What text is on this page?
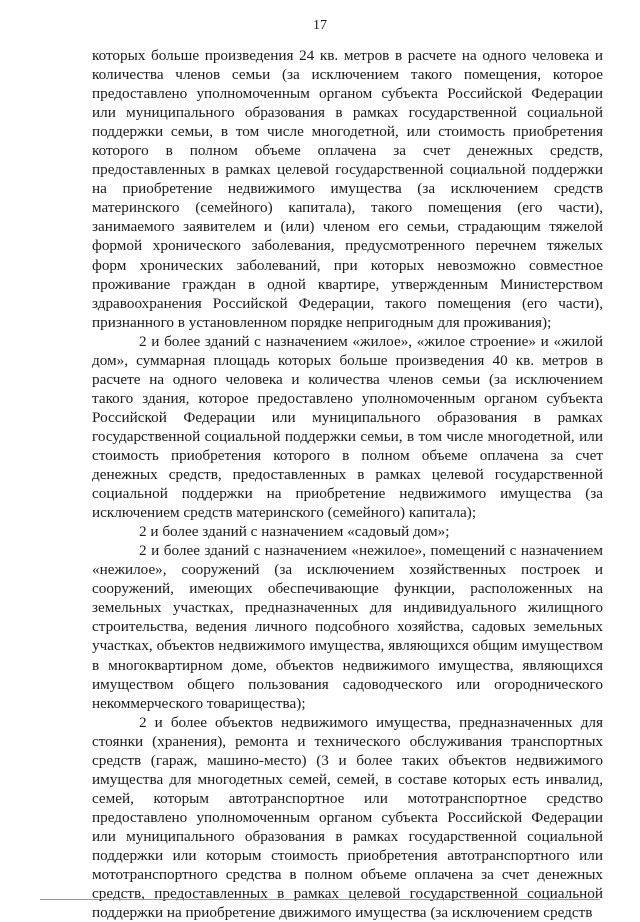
17

которых больше произведения 24 кв. метров в расчете на одного человека и количества членов семьи (за исключением такого помещения, которое предоставлено уполномоченным органом субъекта Российской Федерации или муниципального образования в рамках государственной социальной поддержки семьи, в том числе многодетной, или стоимость приобретения которого в полном объеме оплачена за счет денежных средств, предоставленных в рамках целевой государственной социальной поддержки на приобретение недвижимого имущества (за исключением средств материнского (семейного) капитала), такого помещения (его части), занимаемого заявителем и (или) членом его семьи, страдающим тяжелой формой хронического заболевания, предусмотренного перечнем тяжелых форм хронических заболеваний, при которых невозможно совместное проживание граждан в одной квартире, утвержденным Министерством здравоохранения Российской Федерации, такого помещения (его части), признанного в установленном порядке непригодным для проживания);

2 и более зданий с назначением «жилое», «жилое строение» и «жилой дом», суммарная площадь которых больше произведения 40 кв. метров в расчете на одного человека и количества членов семьи (за исключением такого здания, которое предоставлено уполномоченным органом субъекта Российской Федерации или муниципального образования в рамках государственной социальной поддержки семьи, в том числе многодетной, или стоимость приобретения которого в полном объеме оплачена за счет денежных средств, предоставленных в рамках целевой государственной социальной поддержки на приобретение недвижимого имущества (за исключением средств материнского (семейного) капитала);

2 и более зданий с назначением «садовый дом»;

2 и более зданий с назначением «нежилое», помещений с назначением «нежилое», сооружений (за исключением хозяйственных построек и сооружений, имеющих обеспечивающие функции, расположенных на земельных участках, предназначенных для индивидуального жилищного строительства, ведения личного подсобного хозяйства, садовых земельных участках, объектов недвижимого имущества, являющихся общим имуществом в многоквартирном доме, объектов недвижимого имущества, являющихся имуществом общего пользования садоводческого или огороднического некоммерческого товарищества);

2 и более объектов недвижимого имущества, предназначенных для стоянки (хранения), ремонта и технического обслуживания транспортных средств (гараж, машино-место) (3 и более таких объектов недвижимого имущества для многодетных семей, семей, в составе которых есть инвалид, семей, которым автотранспортное или мототранспортное средство предоставлено уполномоченным органом субъекта Российской Федерации или муниципального образования в рамках государственной социальной поддержки или которым стоимость приобретения автотранспортного или мототранспортного средства в полном объеме оплачена за счет денежных средств, предоставленных в рамках целевой государственной социальной поддержки на приобретение движимого имущества (за исключением средств
